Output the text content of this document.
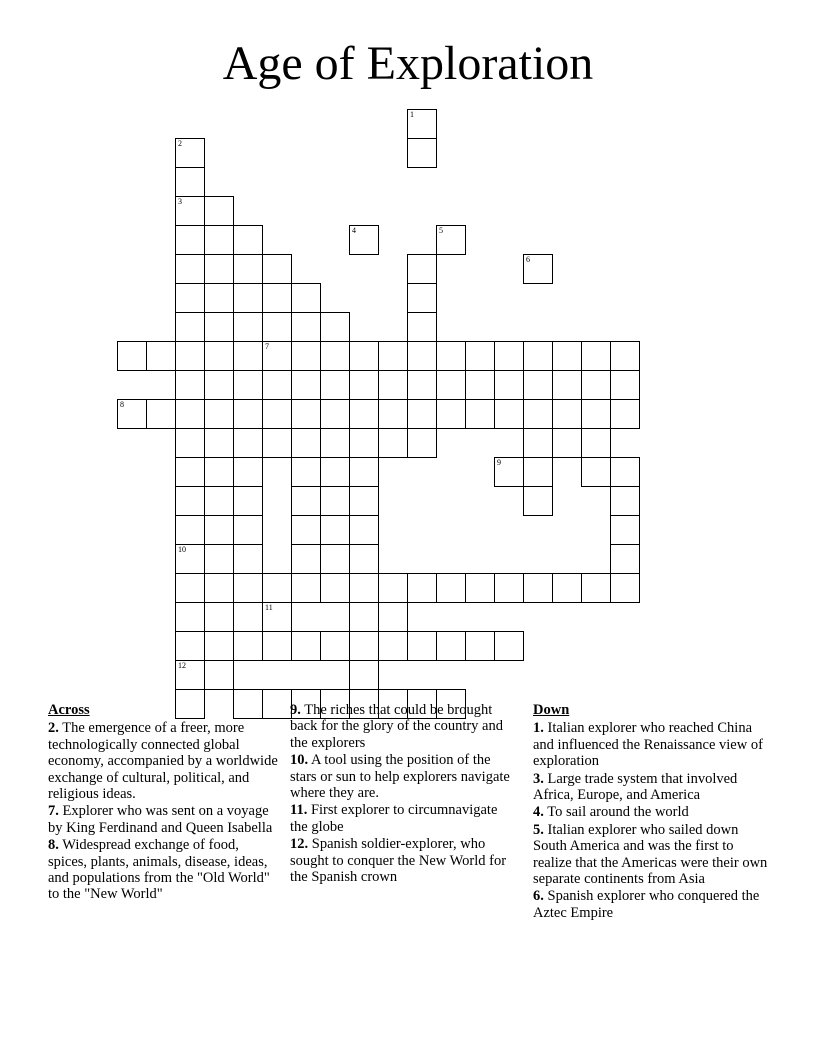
Age of Exploration
2
3
10
7
12
1
4	5
6
8
9
11
Across
2. The emergence of a freer, more technologically connected global economy, accompanied by a worldwide exchange of cultural, political, and religious ideas.
7. Explorer who was sent on a voyage by King Ferdinand and Queen Isabella
8. Widespread exchange of food, spices, plants, animals, disease, ideas, and populations from the "Old World" to the "New World"
9. The riches that could be brought back for the glory of the country and the explorers
10. A tool using the position of the stars or sun to help explorers navigate where they are.
11. First explorer to circumnavigate the globe
12. Spanish soldier-explorer, who sought to conquer the New World for the Spanish crown
Down
1. Italian explorer who reached China and influenced the Renaissance view of exploration
3. Large trade system that involved Africa, Europe, and America
4. To sail around the world
5. Italian explorer who sailed down South America and was the first to realize that the Americas were their own separate continents from Asia
6. Spanish explorer who conquered the Aztec Empire
